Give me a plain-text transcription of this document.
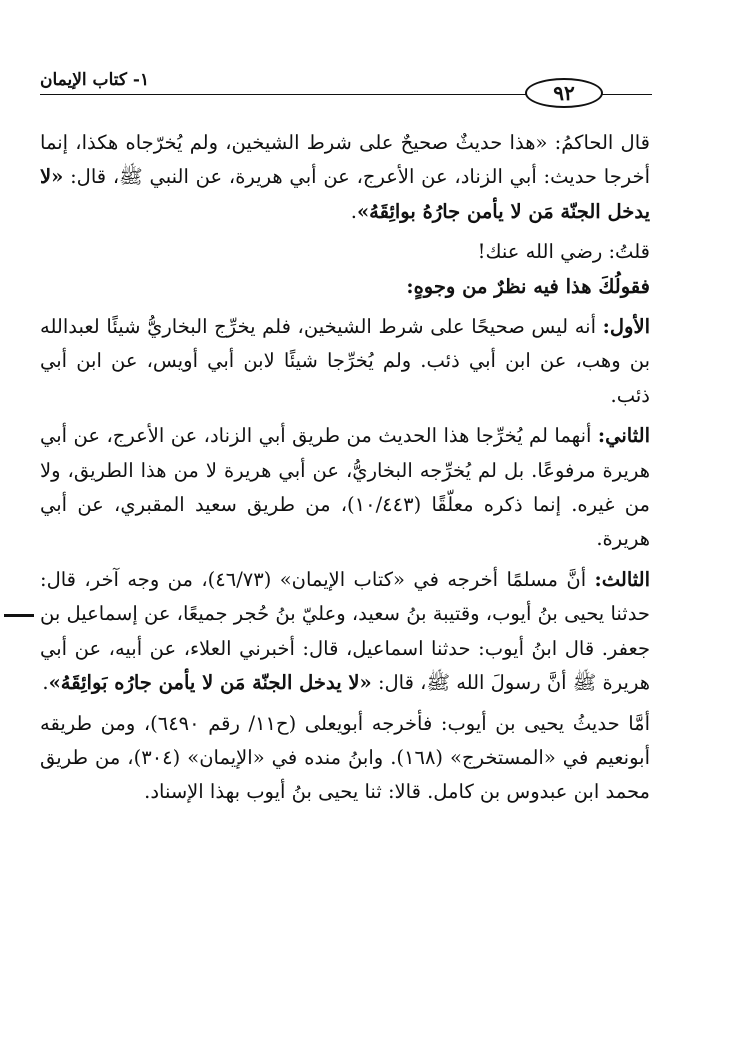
١- كتاب الإيمان
٩٢

قال الحاكمُ: «هذا حديثٌ صحيحٌ على شرط الشيخين، ولم يُخرّجاه هكذا، إنما أخرجا حديث: أبي الزناد، عن الأعرج، عن أبي هريرة، عن النبي ﷺ، قال: «لا يدخل الجنّة مَن لا يأمن جارُهُ بوائِقَهُ».

قلتُ: رضي الله عنك!

فقولُكَ هذا فيه نظرٌ من وجوهٍ:

الأول: أنه ليس صحيحًا على شرط الشيخين، فلم يخرِّج البخاريُّ شيئًا لعبدالله بن وهب، عن ابن أبي ذئب. ولم يُخرِّجا شيئًا لابن أبي أويس، عن ابن أبي ذئب.

الثاني: أنهما لم يُخرِّجا هذا الحديث من طريق أبي الزناد، عن الأعرج، عن أبي هريرة مرفوعًا. بل لم يُخرِّجه البخاريُّ، عن أبي هريرة لا من هذا الطريق، ولا من غيره. إنما ذكره معلّقًا (١٠/٤٤٣)، من طريق سعيد المقبري، عن أبي هريرة.

الثالث: أنَّ مسلمًا أخرجه في «كتاب الإيمان» (٤٦/٧٣)، من وجه آخر، قال: حدثنا يحيى بنُ أيوب، وقتيبة بنُ سعيد، وعليّ بنُ حُجر جميعًا، عن إسماعيل بن جعفر. قال ابنُ أيوب: حدثنا اسماعيل، قال: أخبرني العلاء، عن أبيه، عن أبي هريرة ﷺ أنَّ رسولَ الله ﷺ، قال: «لا يدخل الجنّة مَن لا يأمن جارُه بَوائِقَهُ».

أمَّا حديثُ يحيى بن أيوب: فأخرجه أبويعلى (ح١١/ رقم ٦٤٩٠)، ومن طريقه أبونعيم في «المستخرج» (١٦٨). وابنُ منده في «الإيمان» (٣٠٤)، من طريق محمد ابن عبدوس بن كامل. قالا: ثنا يحيى بنُ أيوب بهذا الإسناد.
